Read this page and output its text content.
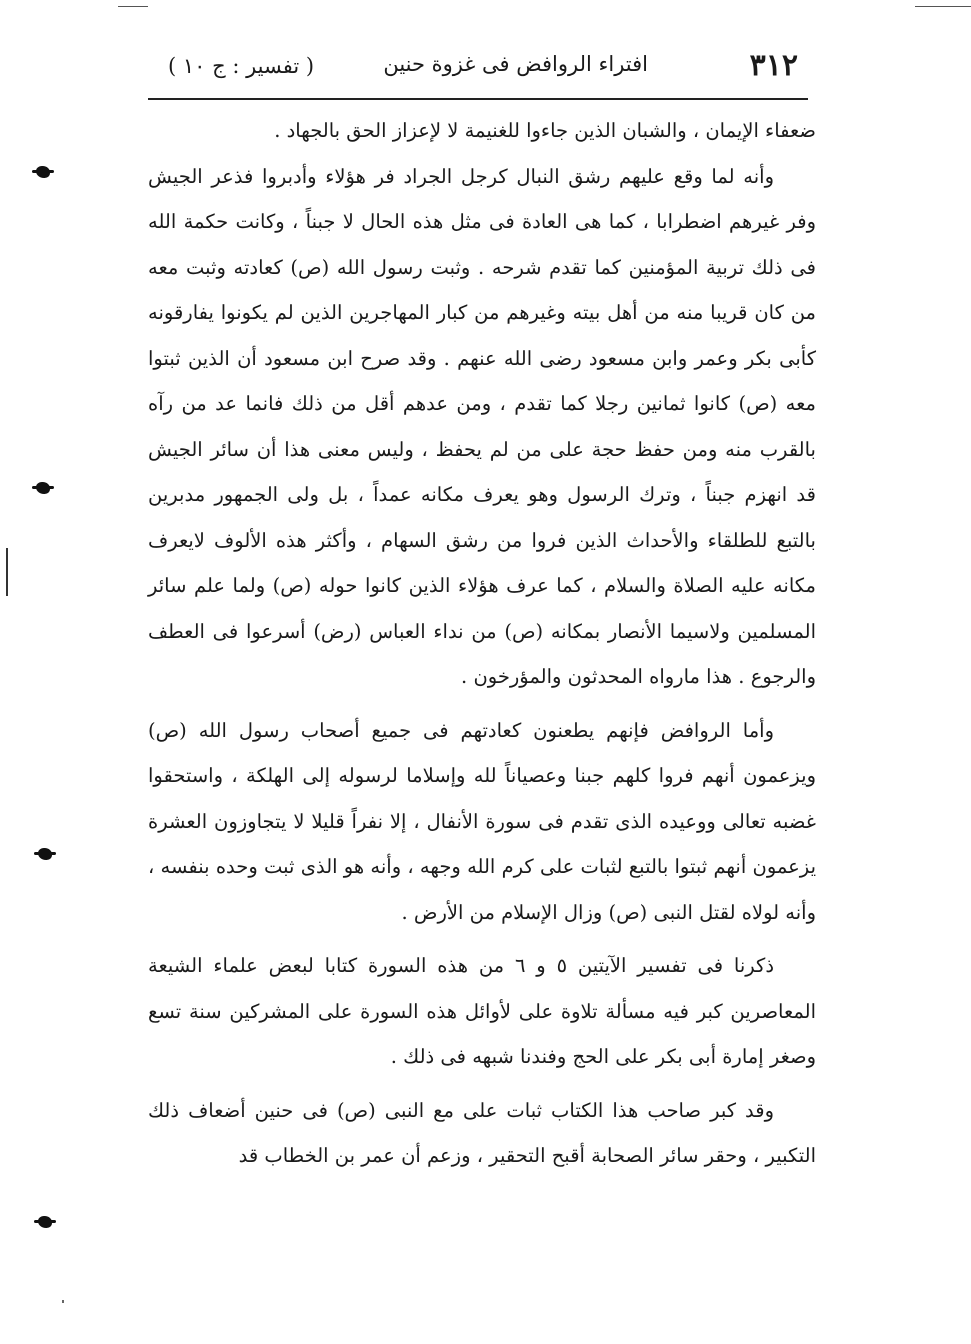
٣١٢
افتراء الروافض فى غزوة حنين
( تفسير : ج ١٠ )

ضعفاء الإيمان ، والشبان الذين جاءوا للغنيمة لا لإعزاز الحق بالجهاد .

وأنه لما وقع عليهم رشق النبال كرجل الجراد فر هؤلاء وأدبروا فذعر الجيش وفر غيرهم اضطرابا ، كما هى العادة فى مثل هذه الحال لا جبناً ، وكانت حكمة الله فى ذلك تربية المؤمنين كما تقدم شرحه . وثبت رسول الله (ص) كعادته وثبت معه من كان قريبا منه من أهل بيته وغيرهم من كبار المهاجرين الذين لم يكونوا يفارقونه كأبى بكر وعمر وابن مسعود رضى الله عنهم . وقد صرح ابن مسعود أن الذين ثبتوا معه (ص) كانوا ثمانين رجلا كما تقدم ، ومن عدهم أقل من ذلك فانما عد من رآه بالقرب منه ومن حفظ حجة على من لم يحفظ ، وليس معنى هذا أن سائر الجيش قد انهزم جبناً ، وترك الرسول وهو يعرف مكانه عمداً ، بل ولى الجمهور مدبرين بالتبع للطلقاء والأحداث الذين فروا من رشق السهام ، وأكثر هذه الألوف لايعرف مكانه عليه الصلاة والسلام ، كما عرف هؤلاء الذين كانوا حوله (ص) ولما علم سائر المسلمين ولاسيما الأنصار بمكانه (ص) من نداء العباس (رض) أسرعوا فى العطف والرجوع . هذا مارواه المحدثون والمؤرخون .

وأما الروافض فإنهم يطعنون كعادتهم فى جميع أصحاب رسول الله (ص) ويزعمون أنهم فروا كلهم جبنا وعصياناً لله وإسلاما لرسوله إلى الهلكة ، واستحقوا غضبه تعالى ووعيده الذى تقدم فى سورة الأنفال ، إلا نفراً قليلا لا يتجاوزون العشرة يزعمون أنهم ثبتوا بالتبع لثبات على كرم الله وجهه ، وأنه هو الذى ثبت وحده بنفسه ، وأنه لولاه لقتل النبى (ص) وزال الإسلام من الأرض .

ذكرنا فى تفسير الآيتين ٥ و ٦ من هذه السورة كتابا لبعض علماء الشيعة المعاصرين كبر فيه مسألة تلاوة على لأوائل هذه السورة على المشركين سنة تسع وصغر إمارة أبى بكر على الحج وفندنا شبهه فى ذلك .

وقد كبر صاحب هذا الكتاب ثبات على مع النبى (ص) فى حنين أضعاف ذلك التكبير ، وحقر سائر الصحابة أقبح التحقير ، وزعم أن عمر بن الخطاب قد
